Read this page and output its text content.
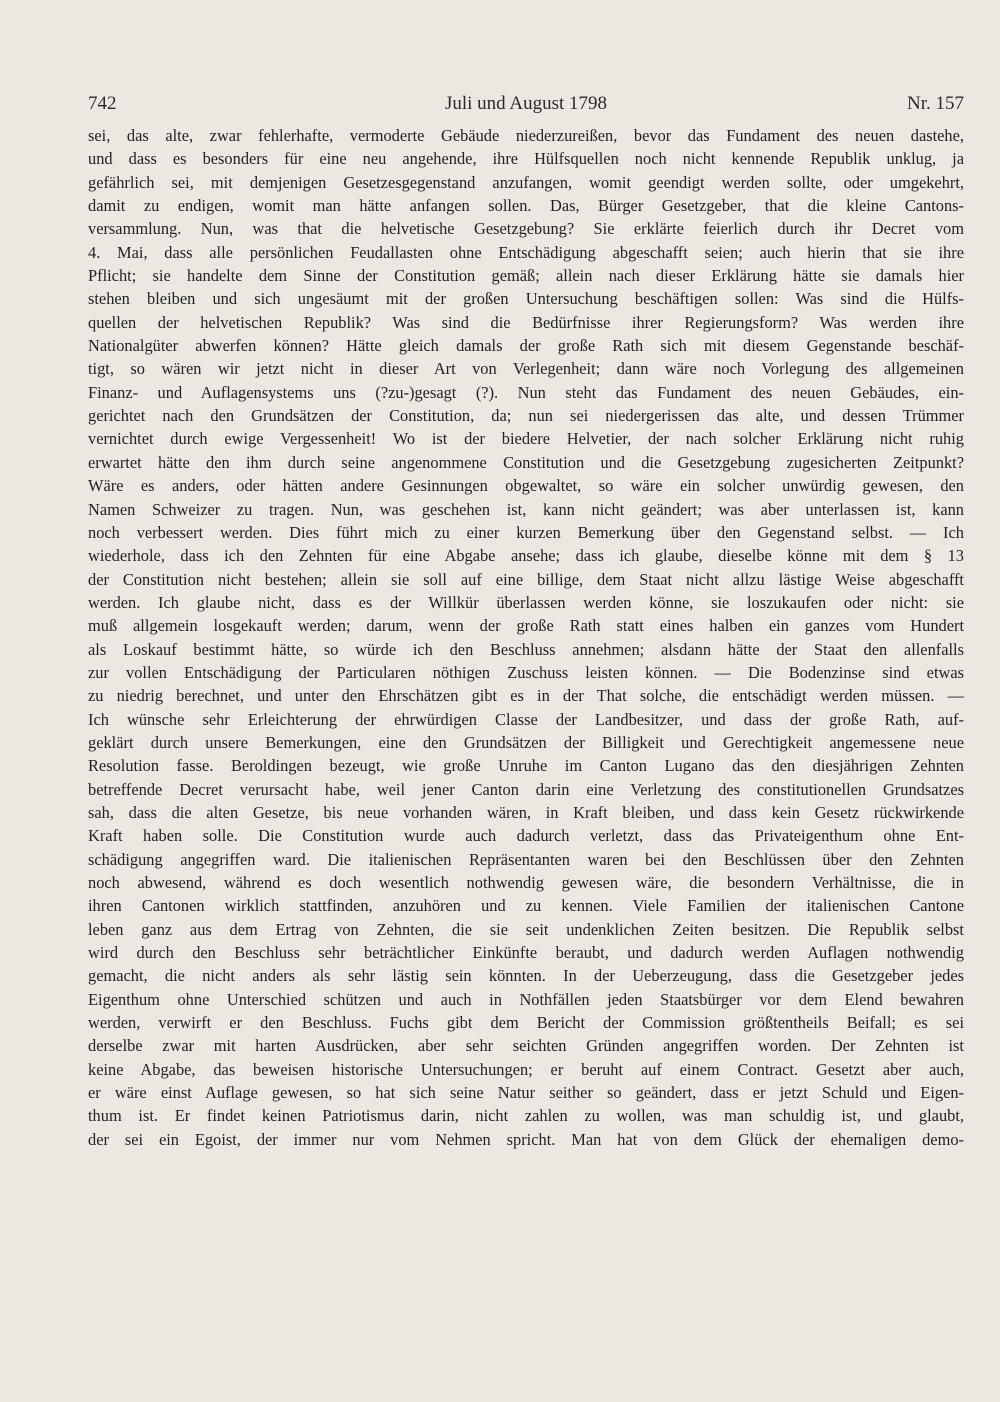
742	Juli und August 1798	Nr. 157
sei, das alte, zwar fehlerhafte, vermoderte Gebäude niederzureißen, bevor das Fundament des neuen dastehe,
und dass es besonders für eine neu angehende, ihre Hülfsquellen noch nicht kennende Republik unklug, ja
gefährlich sei, mit demjenigen Gesetzesgegenstand anzufangen, womit geendigt werden sollte, oder umgekehrt,
damit zu endigen, womit man hätte anfangen sollen. Das, Bürger Gesetzgeber, that die kleine Cantons-
versammlung. Nun, was that die helvetische Gesetzgebung? Sie erklärte feierlich durch ihr Decret vom
4. Mai, dass alle persönlichen Feudallasten ohne Entschädigung abgeschafft seien; auch hierin that sie ihre
Pflicht; sie handelte dem Sinne der Constitution gemäß; allein nach dieser Erklärung hätte sie damals hier
stehen bleiben und sich ungesäumt mit der großen Untersuchung beschäftigen sollen: Was sind die Hülfs-
quellen der helvetischen Republik? Was sind die Bedürfnisse ihrer Regierungsform? Was werden ihre
Nationalgüter abwerfen können? Hätte gleich damals der große Rath sich mit diesem Gegenstande beschäf-
tigt, so wären wir jetzt nicht in dieser Art von Verlegenheit; dann wäre noch Vorlegung des allgemeinen
Finanz- und Auflagensystems uns (?zu-)gesagt (?). Nun steht das Fundament des neuen Gebäudes, ein-
gerichtet nach den Grundsätzen der Constitution, da; nun sei niedergerissen das alte, und dessen Trümmer
vernichtet durch ewige Vergessenheit! Wo ist der biedere Helvetier, der nach solcher Erklärung nicht ruhig
erwartet hätte den ihm durch seine angenommene Constitution und die Gesetzgebung zugesicherten Zeitpunkt?
Wäre es anders, oder hätten andere Gesinnungen obgewaltet, so wäre ein solcher unwürdig gewesen, den
Namen Schweizer zu tragen. Nun, was geschehen ist, kann nicht geändert; was aber unterlassen ist, kann
noch verbessert werden. Dies führt mich zu einer kurzen Bemerkung über den Gegenstand selbst. — Ich
wiederhole, dass ich den Zehnten für eine Abgabe ansehe; dass ich glaube, dieselbe könne mit dem § 13
der Constitution nicht bestehen; allein sie soll auf eine billige, dem Staat nicht allzu lästige Weise abgeschafft
werden. Ich glaube nicht, dass es der Willkür überlassen werden könne, sie loszukaufen oder nicht: sie
muß allgemein losgekauft werden; darum, wenn der große Rath statt eines halben ein ganzes vom Hundert
als Loskauf bestimmt hätte, so würde ich den Beschluss annehmen; alsdann hätte der Staat den allenfalls
zur vollen Entschädigung der Particularen nöthigen Zuschuss leisten können. — Die Bodenzinse sind etwas
zu niedrig berechnet, und unter den Ehrschätzen gibt es in der That solche, die entschädigt werden müssen. —
Ich wünsche sehr Erleichterung der ehrwürdigen Classe der Landbesitzer, und dass der große Rath, auf-
geklärt durch unsere Bemerkungen, eine den Grundsätzen der Billigkeit und Gerechtigkeit angemessene neue
Resolution fasse. Beroldingen bezeugt, wie große Unruhe im Canton Lugano das den diesjährigen Zehnten
betreffende Decret verursacht habe, weil jener Canton darin eine Verletzung des constitutionellen Grundsatzes
sah, dass die alten Gesetze, bis neue vorhanden wären, in Kraft bleiben, und dass kein Gesetz rückwirkende
Kraft haben solle. Die Constitution wurde auch dadurch verletzt, dass das Privateigenthum ohne Ent-
schädigung angegriffen ward. Die italienischen Repräsentanten waren bei den Beschlüssen über den Zehnten
noch abwesend, während es doch wesentlich nothwendig gewesen wäre, die besondern Verhältnisse, die in
ihren Cantonen wirklich stattfinden, anzuhören und zu kennen. Viele Familien der italienischen Cantone
leben ganz aus dem Ertrag von Zehnten, die sie seit undenklichen Zeiten besitzen. Die Republik selbst
wird durch den Beschluss sehr beträchtlicher Einkünfte beraubt, und dadurch werden Auflagen nothwendig
gemacht, die nicht anders als sehr lästig sein könnten. In der Ueberzeugung, dass die Gesetzgeber jedes
Eigenthum ohne Unterschied schützen und auch in Nothfällen jeden Staatsbürger vor dem Elend bewahren
werden, verwirft er den Beschluss. Fuchs gibt dem Bericht der Commission größtentheils Beifall; es sei
derselbe zwar mit harten Ausdrücken, aber sehr seichten Gründen angegriffen worden. Der Zehnten ist
keine Abgabe, das beweisen historische Untersuchungen; er beruht auf einem Contract. Gesetzt aber auch,
er wäre einst Auflage gewesen, so hat sich seine Natur seither so geändert, dass er jetzt Schuld und Eigen-
thum ist. Er findet keinen Patriotismus darin, nicht zahlen zu wollen, was man schuldig ist, und glaubt,
der sei ein Egoist, der immer nur vom Nehmen spricht. Man hat von dem Glück der ehemaligen demo-
